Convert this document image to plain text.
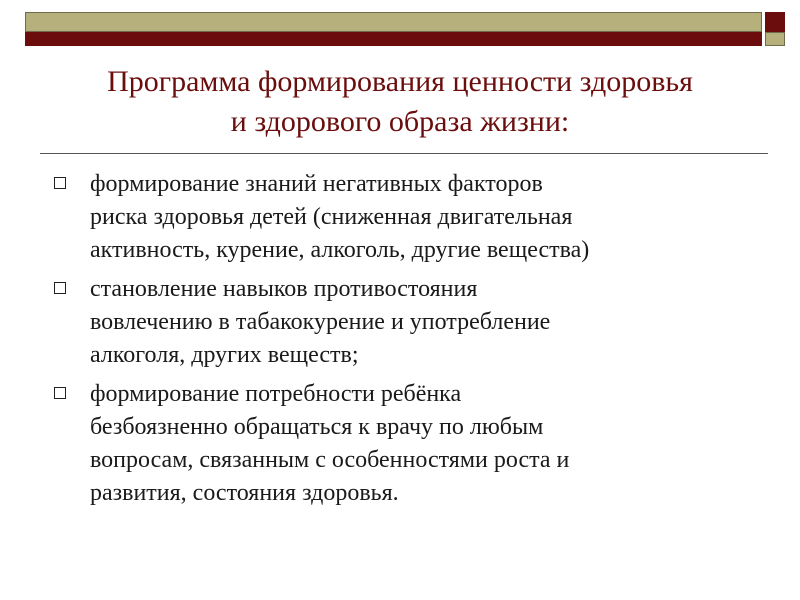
Программа формирования ценности здоровья
и здорового образа жизни:
формирование знаний негативных факторов
риска здоровья детей (сниженная двигательная
активность, курение, алкоголь, другие вещества)
становление навыков противостояния
вовлечению в табакокурение и употребление
алкоголя, других веществ;
формирование потребности ребёнка
безбоязненно обращаться к врачу по любым
вопросам, связанным с особенностями роста и
развития, состояния здоровья.
